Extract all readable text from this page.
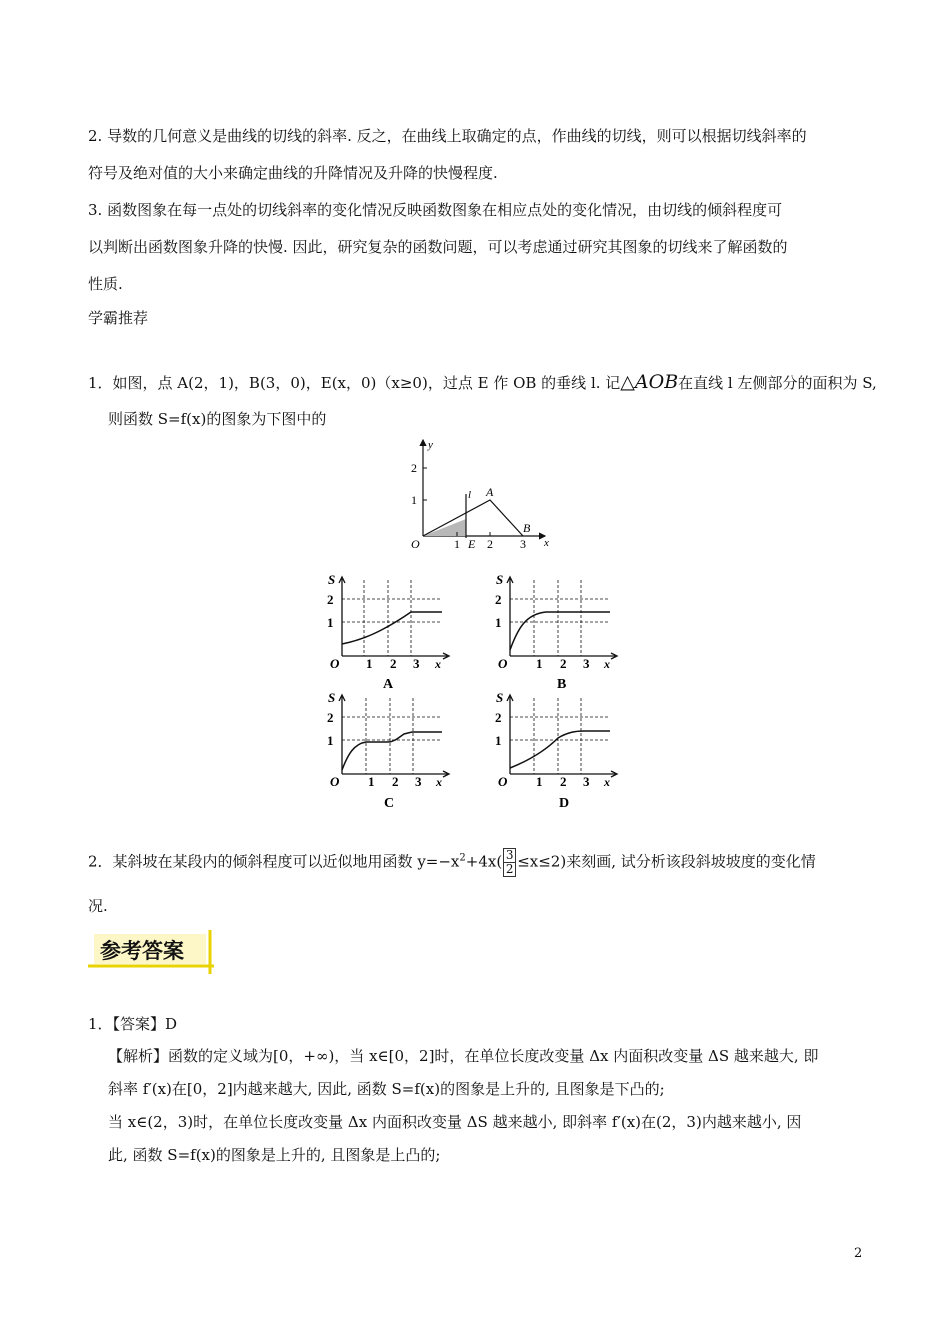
2. 导数的几何意义是曲线的切线的斜率. 反之，在曲线上取确定的点，作曲线的切线，则可以根据切线斜率的
符号及绝对值的大小来确定曲线的升降情况及升降的快慢程度.
3. 函数图象在每一点处的切线斜率的变化情况反映函数图象在相应点处的变化情况，由切线的倾斜程度可
以判断出函数图象升降的快慢. 因此，研究复杂的函数问题，可以考虑通过研究其图象的切线来了解函数的
性质.
学霸推荐
1．如图，点 A(2，1)，B(3，0)，E(x，0)（x≥0)，过点 E 作 OB 的垂线 l. 记△AOB在直线 l 左侧部分的面积为 S,
则函数 S=f(x)的图象为下图中的
y
x
O
1
2
1 2 3
A
B
E
l
S
2
1
O 1 2 3 x
A
S
2
1
O 1 2 3 x
B
S
2
1
O 1 2 3 x
C
S
2
1
O 1 2 3 x
D
2．某斜坡在某段内的倾斜程度可以近似地用函数 $y=-x^2+4x( \frac{3}{2} \le x\le 2)$来刻画, 试分析该段斜坡坡度的变化情
况.
参考答案
1．【答案】D
【解析】函数的定义域为[0，+∞)，当 x∈[0，2]时，在单位长度改变量 Δx 内面积改变量 ΔS 越来越大, 即
斜率 f′(x)在[0，2]内越来越大, 因此, 函数 S=f(x)的图象是上升的, 且图象是下凸的;
当 x∈(2，3)时，在单位长度改变量 Δx 内面积改变量 ΔS 越来越小, 即斜率 f′(x)在(2，3)内越来越小, 因
此, 函数 S=f(x)的图象是上升的, 且图象是上凸的;
2
